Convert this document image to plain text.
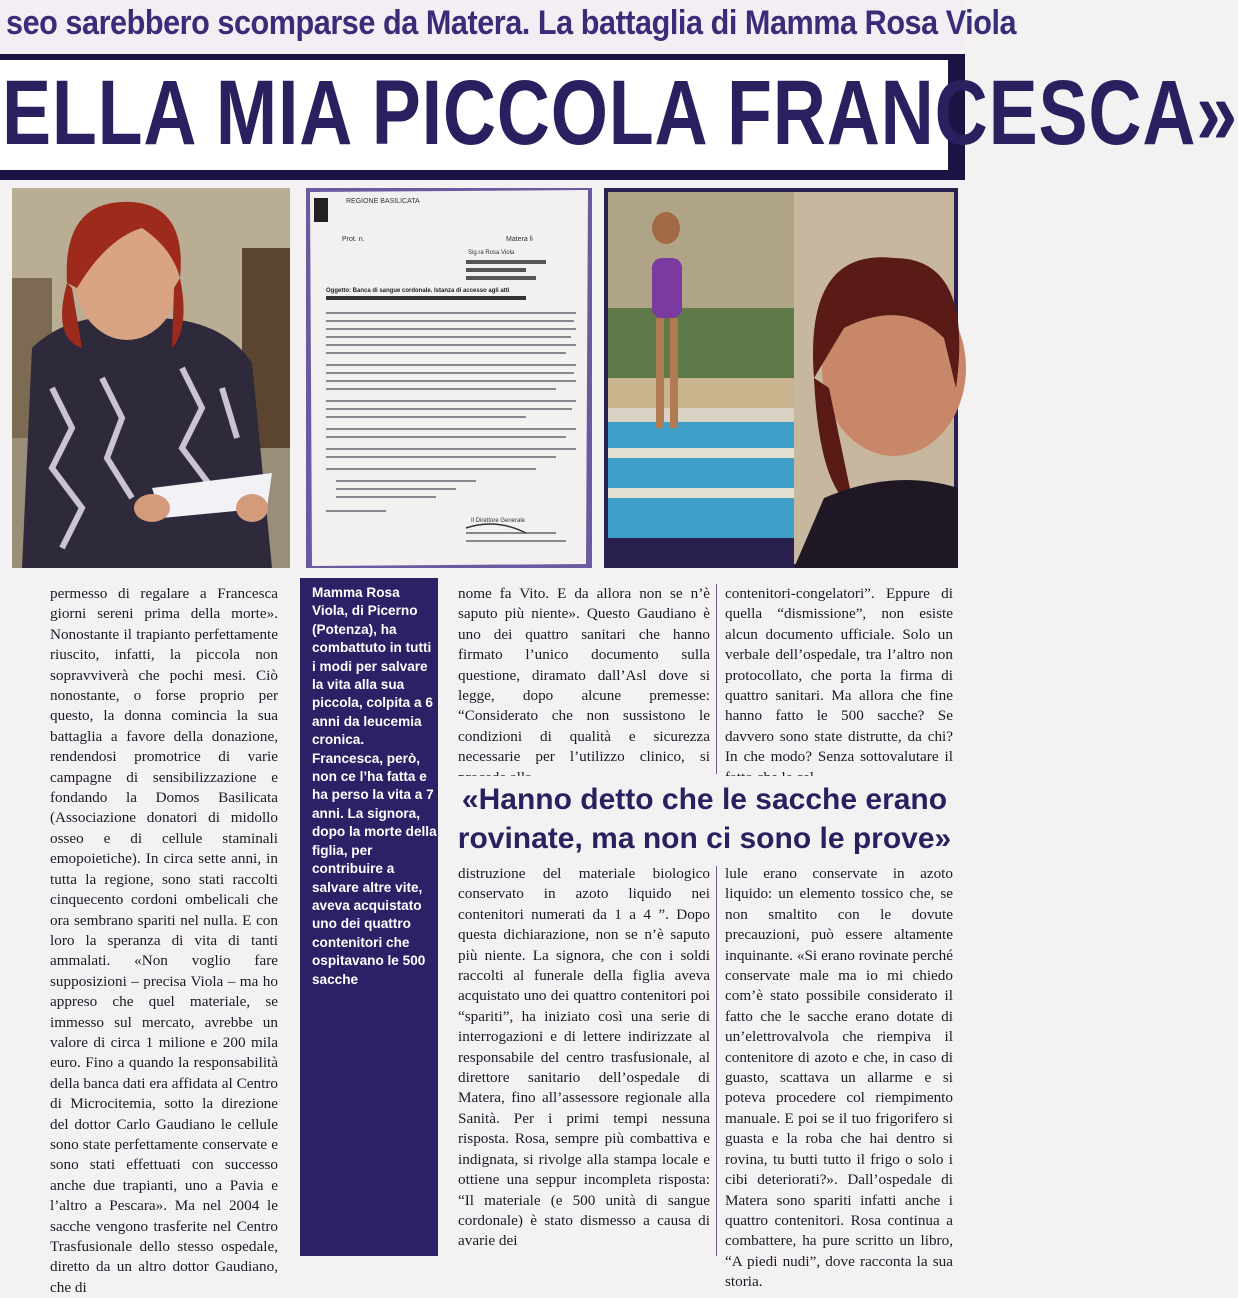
seo sarebbero scomparse da Matera. La battaglia di Mamma Rosa Viola
ELLA MIA PICCOLA FRANCESCA»
REGIONE BASILICATA
Prot. n.	Matera li
Sig.ra Rosa Viola
Oggetto: Banca di sangue cordonale. Istanza di accesso agli atti
Il Direttore Generale

permesso di regalare a Francesca giorni sereni prima della morte». Nonostante il trapianto perfettamente riuscito, infatti, la piccola non sopravviverà che pochi mesi. Ciò nonostante, o forse proprio per questo, la donna comincia la sua battaglia a favore della donazione, rendendosi promotrice di varie campagne di sensibilizzazione e fondando la Domos Basilicata (Associazione donatori di midollo osseo e di cellule staminali emopoietiche). In circa sette anni, in tutta la regione, sono stati raccolti cinquecento cordoni ombelicali che ora sembrano spariti nel nulla. E con loro la speranza di vita di tanti ammalati. «Non voglio fare supposizioni – precisa Viola – ma ho appreso che quel materiale, se immesso sul mercato, avrebbe un valore di circa 1 milione e 200 mila euro. Fino a quando la responsabilità della banca dati era affidata al Centro di Microcitemia, sotto la direzione del dottor Carlo Gaudiano le cellule sono state perfettamente conservate e sono stati effettuati con successo anche due trapianti, uno a Pavia e l’altro a Pescara». Ma nel 2004 le sacche vengono trasferite nel Centro Trasfusionale dello stesso ospedale, diretto da un altro dottor Gaudiano, che di

Mamma Rosa Viola, di Picerno (Potenza), ha combattuto in tutti i modi per salvare la vita alla sua piccola, colpita a 6 anni da leucemia cronica. Francesca, però, non ce l’ha fatta e ha perso la vita a 7 anni. La signora, dopo la morte della figlia, per contribuire a salvare altre vite, aveva acquistato uno dei quattro contenitori che ospitavano le 500 sacche

nome fa Vito. E da allora non se n’è saputo più niente». Questo Gaudiano è uno dei quattro sanitari che hanno firmato l’unico documento sulla questione, diramato dall’Asl dove si legge, dopo alcune premesse: “Considerato che non sussistono le condizioni di qualità e sicurezza necessarie per l’utilizzo clinico, si

contenitori-congelatori”. Eppure di quella “dismissione”, non esiste alcun documento ufficiale. Solo un verbale dell’ospedale, tra l’altro non protocollato, che porta la firma di quattro sanitari. Ma allora che fine hanno fatto le 500 sacche? Se davvero sono state distrutte, da chi? In che modo? Senza sottovalutare il

«Hanno detto che le sacche erano rovinate, ma non ci sono le prove»

distruzione del materiale biologico conservato in azoto liquido nei contenitori numerati da 1 a 4 ”. Dopo questa dichiarazione, non se n’è saputo più niente. La signora, che con i soldi raccolti al funerale della figlia aveva acquistato uno dei quattro contenitori poi “spariti”, ha iniziato così una serie di interrogazioni e di lettere indirizzate al responsabile del centro trasfusionale, al direttore sanitario dell’ospedale di Matera, fino all’assessore regionale alla Sanità. Per i primi tempi nessuna risposta. Rosa, sempre più combattiva e indignata, si rivolge alla stampa locale e ottiene una seppur incompleta risposta: “Il materiale (e 500 unità di sangue cordonale) è stato dismesso a causa di avarie dei

lule erano conservate in azoto liquido: un elemento tossico che, se non smaltito con le dovute precauzioni, può essere altamente inquinante. «Si erano rovinate perché conservate male ma io mi chiedo com’è stato possibile considerato il fatto che le sacche erano dotate di un’elettrovalvola che riempiva il contenitore di azoto e che, in caso di guasto, scattava un allarme e si poteva procedere col riempimento manuale. E poi se il tuo frigorifero si guasta e la roba che hai dentro si rovina, tu butti tutto il frigo o solo i cibi deteriorati?». Dall’ospedale di Matera sono spariti infatti anche i quattro contenitori. Rosa continua a combattere, ha pure scritto un libro, “A piedi nudi”, dove racconta la sua storia.
